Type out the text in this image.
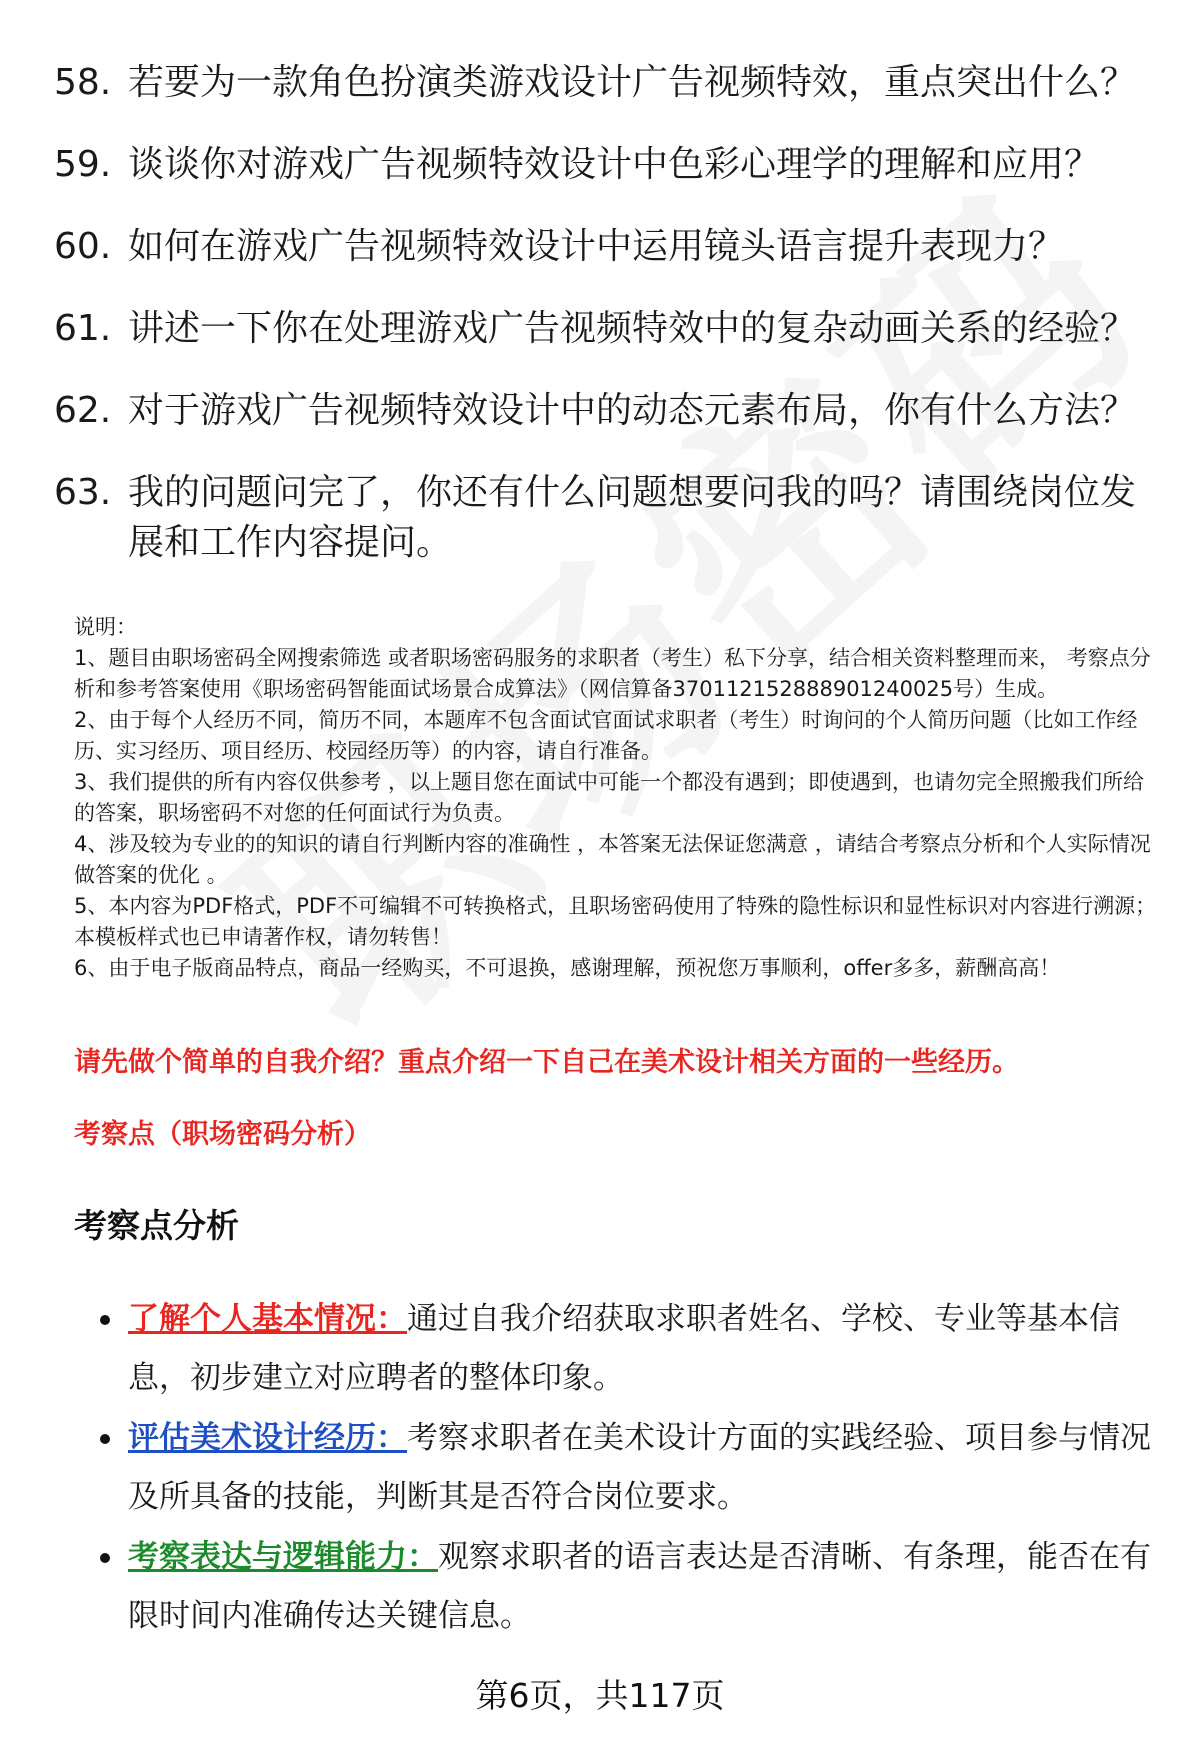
58. 若要为一款角色扮演类游戏设计广告视频特效，重点突出什么？
59. 谈谈你对游戏广告视频特效设计中色彩心理学的理解和应用？
60. 如何在游戏广告视频特效设计中运用镜头语言提升表现力？
61. 讲述一下你在处理游戏广告视频特效中的复杂动画关系的经验？
62. 对于游戏广告视频特效设计中的动态元素布局，你有什么方法？
63. 我的问题问完了，你还有什么问题想要问我的吗？请围绕岗位发展和工作内容提问。

说明：

1、题目由职场密码全网搜索筛选 或者职场密码服务的求职者（考生）私下分享，结合相关资料整理而来， 考察点分析和参考答案使用《职场密码智能面试场景合成算法》（网信算备370112152888901240025号）生成。

2、由于每个人经历不同，简历不同，本题库不包含面试官面试求职者（考生）时询问的个人简历问题（比如工作经历、实习经历、项目经历、校园经历等）的内容，请自行准备。

3、我们提供的所有内容仅供参考 ，以上题目您在面试中可能一个都没有遇到；即使遇到，也请勿完全照搬我们所给的答案，职场密码不对您的任何面试行为负责。

4、涉及较为专业的的知识的请自行判断内容的准确性 ，本答案无法保证您满意 ，请结合考察点分析和个人实际情况做答案的优化 。

5、本内容为PDF格式，PDF不可编辑不可转换格式，且职场密码使用了特殊的隐性标识和显性标识对内容进行溯源；本模板样式也已申请著作权，请勿转售！

6、由于电子版商品特点，商品一经购买，不可退换，感谢理解，预祝您万事顺利，offer多多，薪酬高高！

请先做个简单的自我介绍？重点介绍一下自己在美术设计相关方面的一些经历。
考察点（职场密码分析）
考察点分析
了解个人基本情况：通过自我介绍获取求职者姓名、学校、专业等基本信息，初步建立对应聘者的整体印象。
评估美术设计经历：考察求职者在美术设计方面的实践经验、项目参与情况及所具备的技能，判断其是否符合岗位要求。
考察表达与逻辑能力：观察求职者的语言表达是否清晰、有条理，能否在有限时间内准确传达关键信息。
第6页，共117页
